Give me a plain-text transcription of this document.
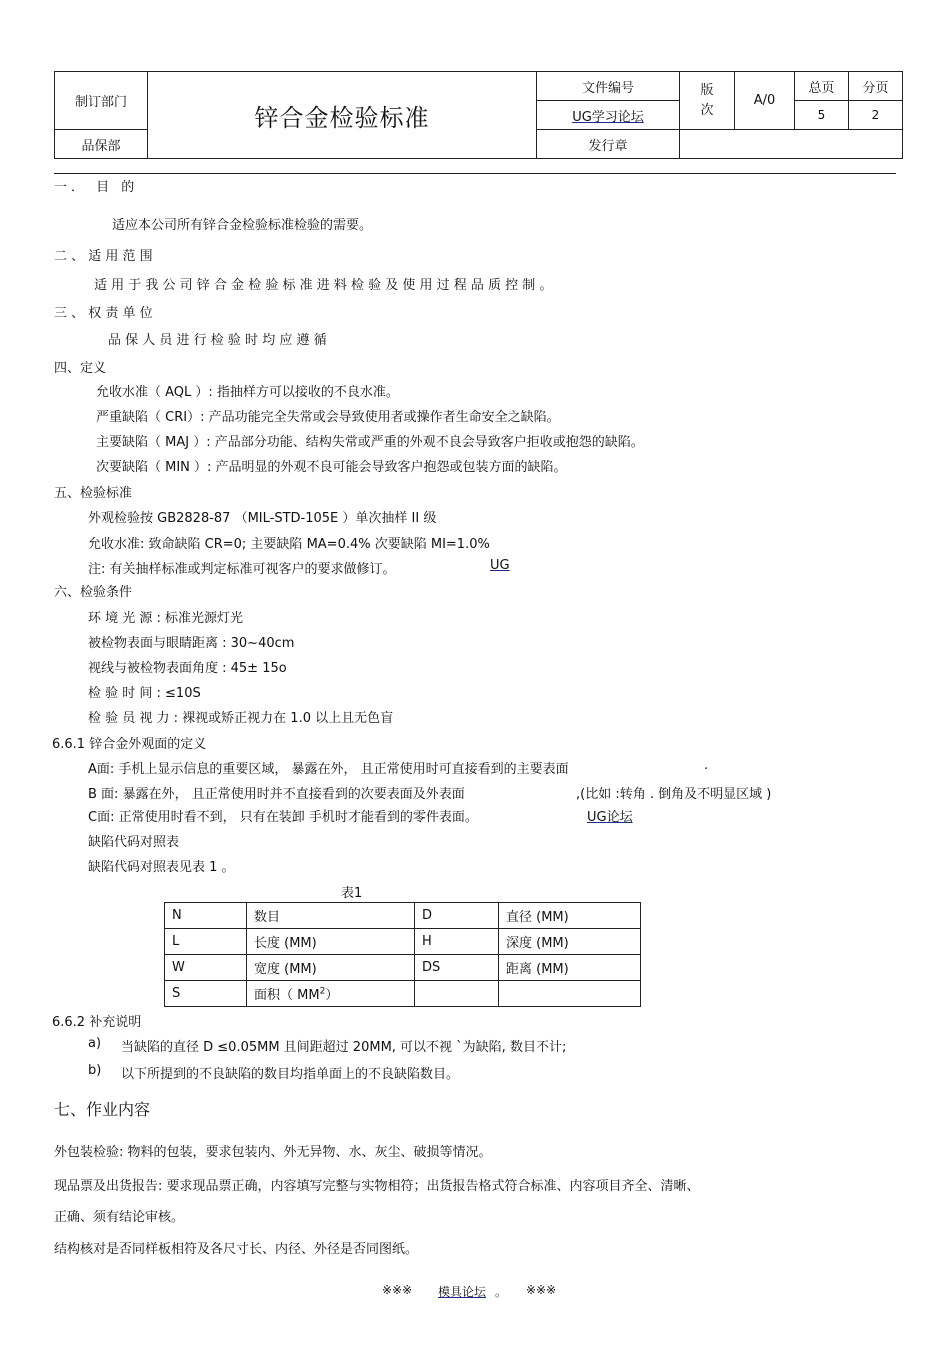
制订部门	锌合金检验标准	文件编号	版次	A/0	总页	分页
		UG学习论坛			5	2
品保部		发行章				
一． 目 的
适应本公司所有锌合金检验标准检验的需要。
二 、 适 用 范 围
适 用 于 我 公 司 锌 合 金 检 验 标 准 进 料 检 验 及 使 用 过 程 品 质 控 制 。
三 、 权 责 单 位
品 保 人 员 进 行 检 验 时 均 应 遵 循
四、定义
允收水准（ AQL ）: 指抽样方可以接收的不良水准。
严重缺陷（ CRI）: 产品功能完全失常或会导致使用者或操作者生命安全之缺陷。
主要缺陷（ MAJ ）: 产品部分功能、结构失常或严重的外观不良会导致客户拒收或抱怨的缺陷。
次要缺陷（ MIN ）: 产品明显的外观不良可能会导致客户抱怨或包装方面的缺陷。
五、检验标准
外观检验按 GB2828-87 （MIL-STD-105E ）单次抽样 II 级
允收水准: 致命缺陷 CR=0; 主要缺陷 MA=0.4% 次要缺陷 MI=1.0%
注: 有关抽样标准或判定标准可视客户的要求做修订。	UG
六、检验条件
环 境 光 源 : 标准光源灯光
被检物表面与眼睛距离 : 30~40cm
视线与被检物表面角度 : 45± 15o
检 验 时 间 : ≤10S
检 验 员 视 力 : 裸视或矫正视力在 1.0 以上且无色盲
6.6.1 锌合金外观面的定义
A面: 手机上显示信息的重要区域， 暴露在外， 且正常使用时可直接看到的主要表面	.
B 面: 暴露在外， 且正常使用时并不直接看到的次要表面及外表面	,(比如 :转角 . 倒角及不明显区域 )
C面: 正常使用时看不到， 只有在装卸 手机时才能看到的零件表面。	UG论坛
缺陷代码对照表
缺陷代码对照表见表 1 。
表1
N	数目	D	直径 (MM)
L	长度 (MM)	H	深度 (MM)
W	宽度 (MM)	DS	距离 (MM)
S	面积（ $MM^2$）		
6.6.2 补充说明
a) 当缺陷的直径 D ≤0.05MM 且间距超过 20MM, 可以不视 `为缺陷, 数目不计;
b) 以下所提到的不良缺陷的数目均指单面上的不良缺陷数目。
七、作业内容
外包装检验: 物料的包装，要求包装内、外无异物、水、灰尘、破损等情况。
现品票及出货报告: 要求现品票正确，内容填写完整与实物相符；出货报告格式符合标准、内容项目齐全、清晰、
正确、须有结论审核。
结构核对是否同样板相符及各尺寸长、内径、外径是否同图纸。
※※※ 模具论坛 。 ※※※
